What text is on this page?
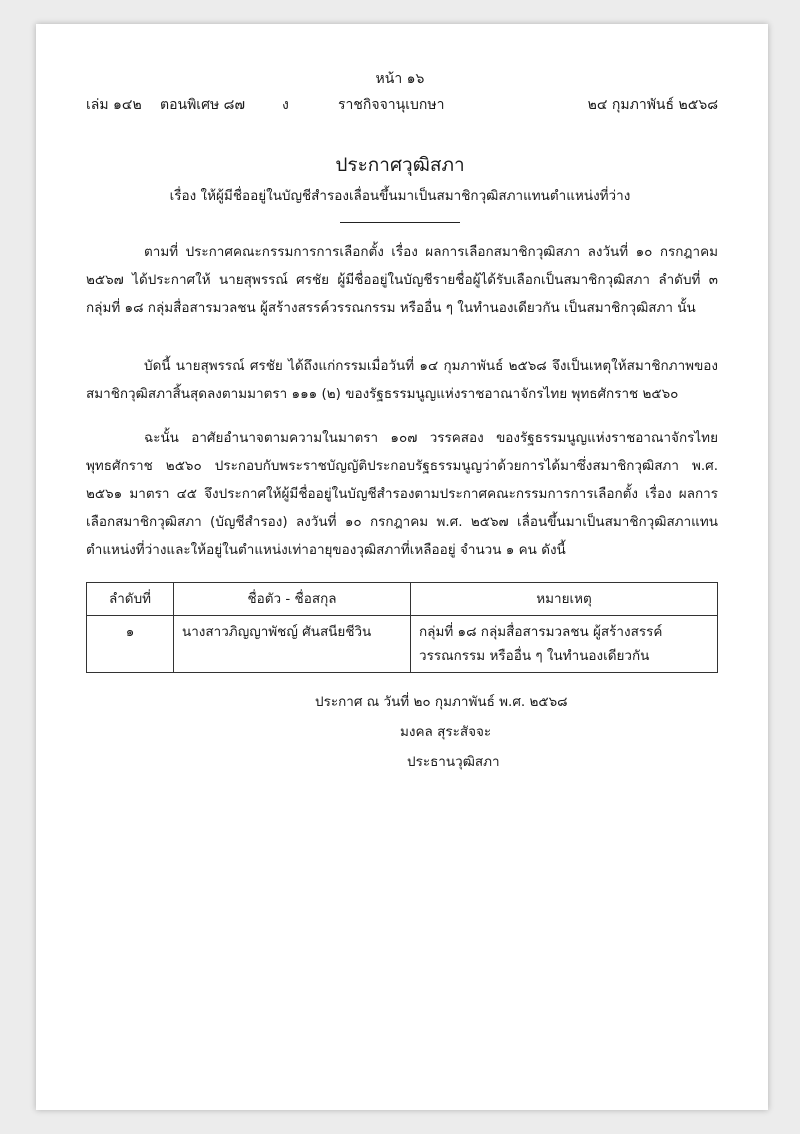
หน้า ๑๖
เล่ม ๑๔๒ ตอนพิเศษ ๘๗	ง	ราชกิจจานุเบกษา	๒๔ กุมภาพันธ์ ๒๕๖๘
ประกาศวุฒิสภา
เรื่อง ให้ผู้มีชื่ออยู่ในบัญชีสำรองเลื่อนขึ้นมาเป็นสมาชิกวุฒิสภาแทนตำแหน่งที่ว่าง
ตามที่ ประกาศคณะกรรมการการเลือกตั้ง เรื่อง ผลการเลือกสมาชิกวุฒิสภา ลงวันที่ ๑๐ กรกฎาคม ๒๕๖๗ ได้ประกาศให้ นายสุพรรณ์ ศรชัย ผู้มีชื่ออยู่ในบัญชีรายชื่อผู้ได้รับเลือกเป็นสมาชิกวุฒิสภา ลำดับที่ ๓ กลุ่มที่ ๑๘ กลุ่มสื่อสารมวลชน ผู้สร้างสรรค์วรรณกรรม หรืออื่น ๆ ในทำนองเดียวกัน เป็นสมาชิกวุฒิสภา นั้น
บัดนี้ นายสุพรรณ์ ศรชัย ได้ถึงแก่กรรมเมื่อวันที่ ๑๔ กุมภาพันธ์ ๒๕๖๘ จึงเป็นเหตุให้สมาชิกภาพของสมาชิกวุฒิสภาสิ้นสุดลงตามมาตรา ๑๑๑ (๒) ของรัฐธรรมนูญแห่งราชอาณาจักรไทย พุทธศักราช ๒๕๖๐
ฉะนั้น อาศัยอำนาจตามความในมาตรา ๑๐๗ วรรคสอง ของรัฐธรรมนูญแห่งราชอาณาจักรไทย พุทธศักราช ๒๕๖๐ ประกอบกับพระราชบัญญัติประกอบรัฐธรรมนูญว่าด้วยการได้มาซึ่งสมาชิกวุฒิสภา พ.ศ. ๒๕๖๑ มาตรา ๔๕ จึงประกาศให้ผู้มีชื่ออยู่ในบัญชีสำรองตามประกาศคณะกรรมการการเลือกตั้ง เรื่อง ผลการเลือกสมาชิกวุฒิสภา (บัญชีสำรอง) ลงวันที่ ๑๐ กรกฎาคม พ.ศ. ๒๕๖๗ เลื่อนขึ้นมาเป็นสมาชิกวุฒิสภาแทนตำแหน่งที่ว่างและให้อยู่ในตำแหน่งเท่าอายุของวุฒิสภาที่เหลืออยู่ จำนวน ๑ คน ดังนี้
ลำดับที่	ชื่อตัว - ชื่อสกุล	หมายเหตุ
๑	นางสาวภิญญาพัชญ์ ศันสนียชีวิน	กลุ่มที่ ๑๘ กลุ่มสื่อสารมวลชน ผู้สร้างสรรค์วรรณกรรม หรืออื่น ๆ ในทำนองเดียวกัน
ประกาศ ณ วันที่ ๒๐ กุมภาพันธ์ พ.ศ. ๒๕๖๘
มงคล สุระสัจจะ
ประธานวุฒิสภา
